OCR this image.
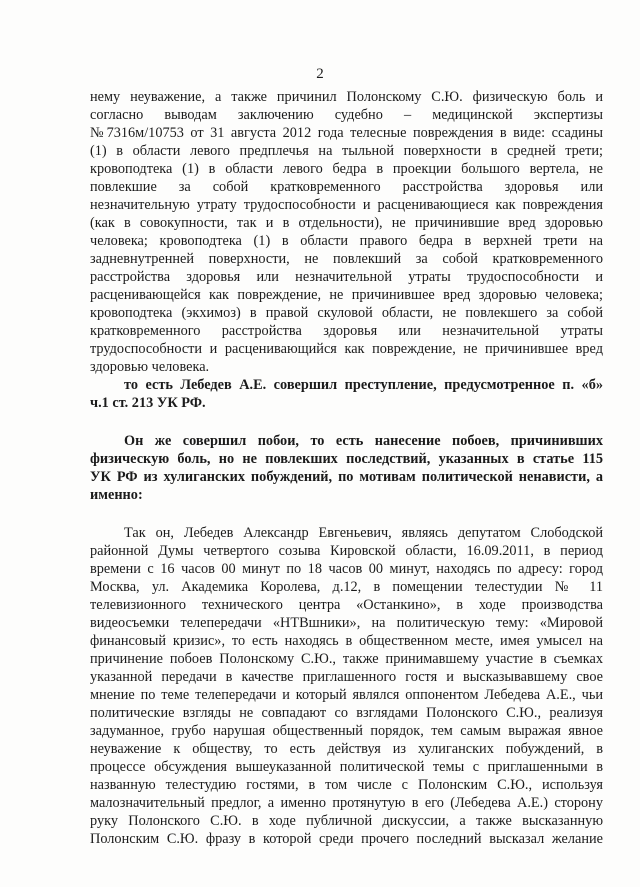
2
нему неуважение, а также причинил Полонскому С.Ю. физическую боль и
согласно выводам заключению судебно – медицинской экспертизы
№7316м/10753 от 31 августа 2012 года телесные повреждения в виде: ссадины
(1) в области левого предплечья на тыльной поверхности в средней трети;
кровоподтека (1) в области левого бедра в проекции большого вертела, не
повлекшие за собой кратковременного расстройства здоровья или
незначительную утрату трудоспособности и расценивающиеся как повреждения
(как в совокупности, так и в отдельности), не причинившие вред здоровью
человека; кровоподтека (1) в области правого бедра в верхней трети на
задневнутренней поверхности, не повлекший за собой кратковременного
расстройства здоровья или незначительной утраты трудоспособности и
расценивающейся как повреждение, не причинившее вред здоровью человека;
кровоподтека (экхимоз) в правой скуловой области, не повлекшего за собой
кратковременного расстройства здоровья или незначительной утраты
трудоспособности и расценивающийся как повреждение, не причинившее вред
здоровью человека.
то есть Лебедев А.Е. совершил преступление, предусмотренное п. «б»
ч.1 ст. 213 УК РФ.
Он же совершил побои, то есть нанесение побоев, причинивших
физическую боль, но не повлекших последствий, указанных в статье 115
УК РФ из хулиганских побуждений, по мотивам политической ненависти, а
именно:
Так он, Лебедев Александр Евгеньевич, являясь депутатом Слободской
районной Думы четвертого созыва Кировской области, 16.09.2011, в период
времени с 16 часов 00 минут по 18 часов 00 минут, находясь по адресу: город
Москва, ул. Академика Королева, д.12, в помещении телестудии № 11
телевизионного технического центра «Останкино», в ходе производства
видеосъемки телепередачи «НТВшники», на политическую тему: «Мировой
финансовый кризис», то есть находясь в общественном месте, имея умысел на
причинение побоев Полонскому С.Ю., также принимавшему участие в съемках
указанной передачи в качестве приглашенного гостя и высказывавшему свое
мнение по теме телепередачи и который являлся оппонентом Лебедева А.Е., чьи
политические взгляды не совпадают со взглядами Полонского С.Ю., реализуя
задуманное, грубо нарушая общественный порядок, тем самым выражая явное
неуважение к обществу, то есть действуя из хулиганских побуждений, в
процессе обсуждения вышеуказанной политической темы с приглашенными в
названную телестудию гостями, в том числе с Полонским С.Ю., используя
малозначительный предлог, а именно протянутую в его (Лебедева А.Е.) сторону
руку Полонского С.Ю. в ходе публичной дискуссии, а также высказанную
Полонским С.Ю. фразу в которой среди прочего последний высказал желание
